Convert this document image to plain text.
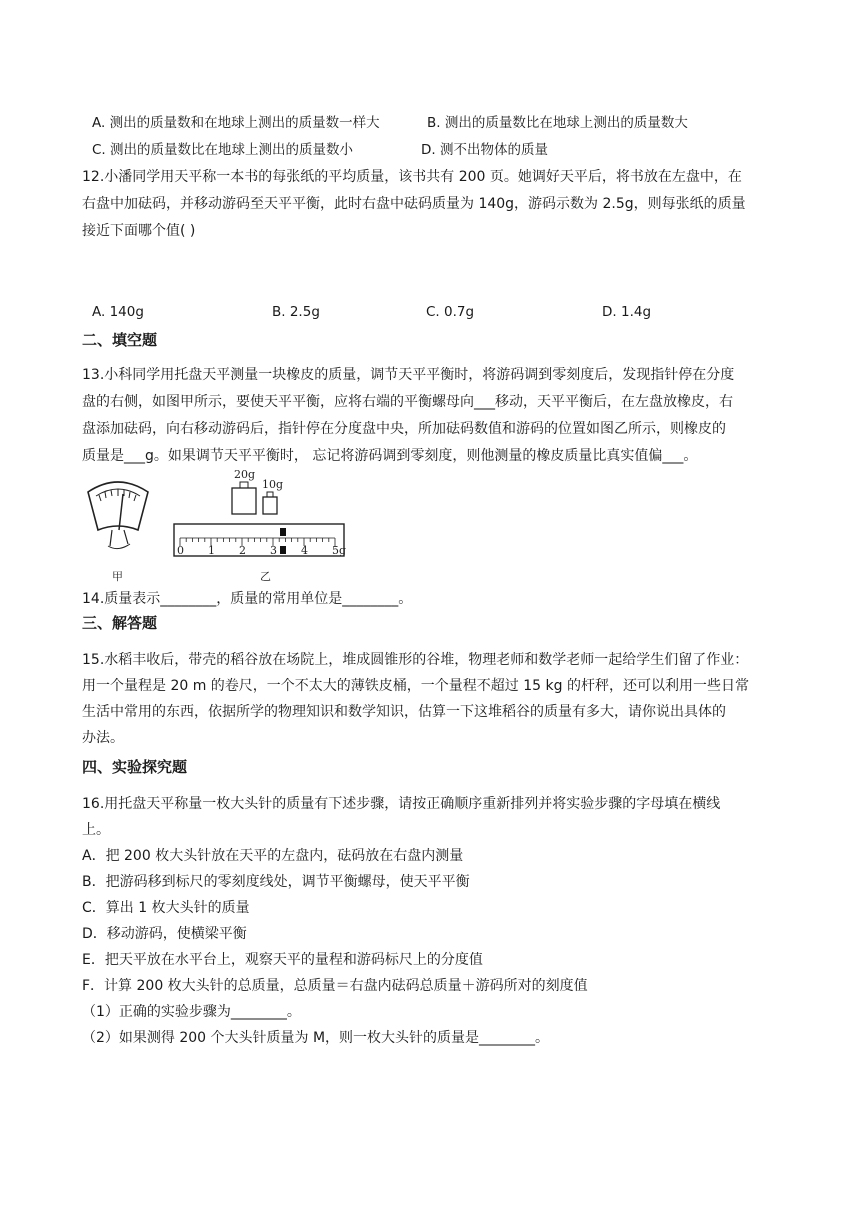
A. 测出的质量数和在地球上测出的质量数一样大	B. 测出的质量数比在地球上测出的质量数大
C. 测出的质量数比在地球上测出的质量数小	D. 测不出物体的质量
12.小潘同学用天平称一本书的每张纸的平均质量，该书共有 200 页。她调好天平后，将书放在左盘中，在
右盘中加砝码，并移动游码至天平平衡，此时右盘中砝码质量为 140g，游码示数为 2.5g，则每张纸的质量
接近下面哪个值( )
A. 140g	B. 2.5g	C. 0.7g	D. 1.4g
二、填空题
13.小科同学用托盘天平测量一块橡皮的质量，调节天平平衡时，将游码调到零刻度后，发现指针停在分度
盘的右侧，如图甲所示，要使天平平衡，应将右端的平衡螺母向___移动，天平平衡后，在左盘放橡皮，右
盘添加砝码，向右移动游码后，指针停在分度盘中央，所加砝码数值和游码的位置如图乙所示，则橡皮的
质量是___g。如果调节天平平衡时， 忘记将游码调到零刻度，则他测量的橡皮质量比真实值偏___。
甲
20g
10g
0 1 2 3 4 5g
乙
14.质量表示________，质量的常用单位是________。
三、解答题
15.水稻丰收后，带壳的稻谷放在场院上，堆成圆锥形的谷堆，物理老师和数学老师一起给学生们留了作业：
用一个量程是 20 m 的卷尺，一个不太大的薄铁皮桶，一个量程不超过 15 kg 的杆秤，还可以利用一些日常
生活中常用的东西，依据所学的物理知识和数学知识，估算一下这堆稻谷的质量有多大，请你说出具体的
办法。
四、实验探究题
16.用托盘天平称量一枚大头针的质量有下述步骤，请按正确顺序重新排列并将实验步骤的字母填在横线
上。
A．把 200 枚大头针放在天平的左盘内，砝码放在右盘内测量
B．把游码移到标尺的零刻度线处，调节平衡螺母，使天平平衡
C．算出 1 枚大头针的质量
D．移动游码，使横梁平衡
E．把天平放在水平台上，观察天平的量程和游码标尺上的分度值
F．计算 200 枚大头针的总质量，总质量＝右盘内砝码总质量＋游码所对的刻度值
（1）正确的实验步骤为________。
（2）如果测得 200 个大头针质量为 M，则一枚大头针的质量是________。
